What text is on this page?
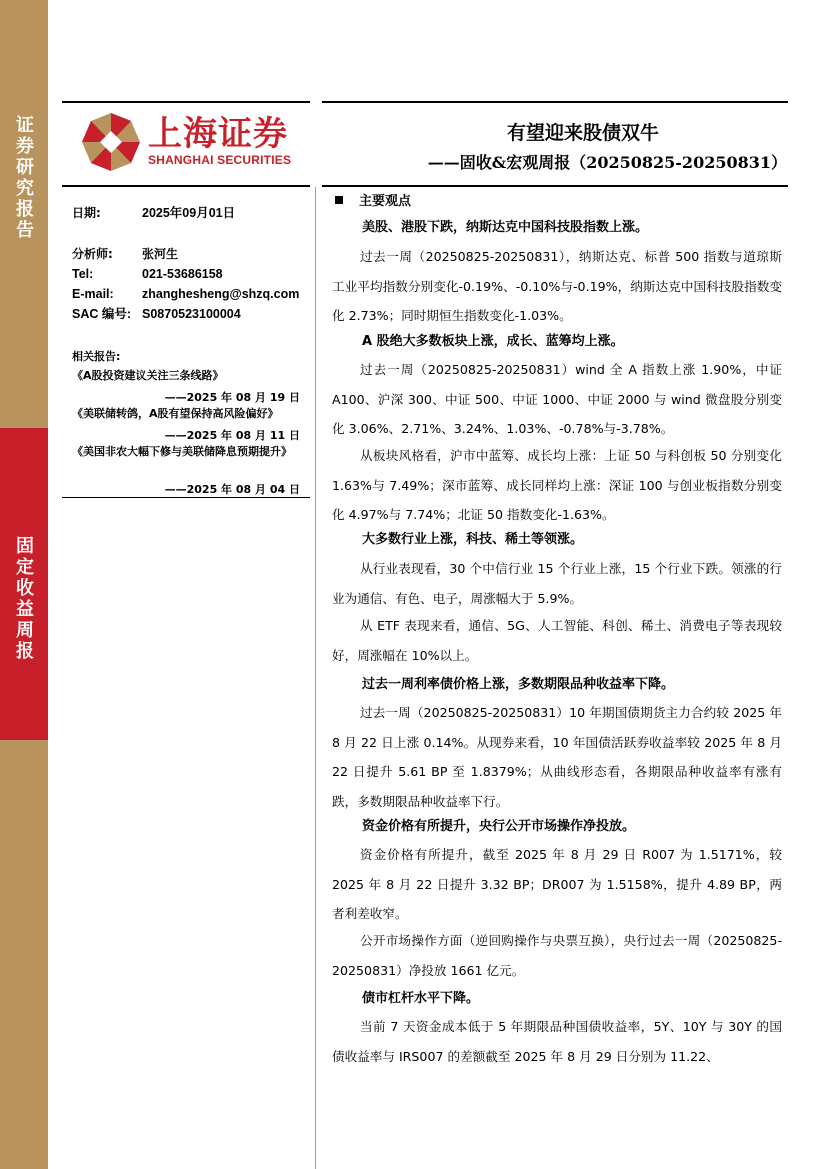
证券研究报告
固定收益周报
上海证券
SHANGHAI SECURITIES
有望迎来股债双牛
——固收&宏观周报（20250825-20250831）
日期:	2025年09月01日
分析师: 张河生
Tel:	021-53686158
E-mail: zhanghesheng@shzq.com
SAC 编号: S0870523100004
相关报告:
《A股投资建议关注三条线路》
——2025 年 08 月 19 日
《美联储转鸽，A股有望保持高风险偏好》
——2025 年 08 月 11 日
《美国非农大幅下修与美联储降息预期提升》
——2025 年 08 月 04 日
主要观点
美股、港股下跌，纳斯达克中国科技股指数上涨。
过去一周（20250825-20250831），纳斯达克、标普 500 指数与道琼斯工业平均指数分别变化-0.19%、-0.10%与-0.19%，纳斯达克中国科技股指数变化 2.73%；同时期恒生指数变化-1.03%。
A 股绝大多数板块上涨，成长、蓝筹均上涨。
过去一周（20250825-20250831）wind 全 A 指数上涨 1.90%，中证 A100、沪深 300、中证 500、中证 1000、中证 2000 与 wind 微盘股分别变化 3.06%、2.71%、3.24%、1.03%、-0.78%与-3.78%。
从板块风格看，沪市中蓝筹、成长均上涨：上证 50 与科创板 50 分别变化 1.63%与 7.49%；深市蓝筹、成长同样均上涨：深证 100 与创业板指数分别变化 4.97%与 7.74%；北证 50 指数变化-1.63%。
大多数行业上涨，科技、稀土等领涨。
从行业表现看，30 个中信行业 15 个行业上涨，15 个行业下跌。领涨的行业为通信、有色、电子，周涨幅大于 5.9%。
从 ETF 表现来看，通信、5G、人工智能、科创、稀土、消费电子等表现较好，周涨幅在 10%以上。
过去一周利率债价格上涨，多数期限品种收益率下降。
过去一周（20250825-20250831）10 年期国债期货主力合约较 2025 年 8 月 22 日上涨 0.14%。从现券来看，10 年国债活跃券收益率较 2025 年 8 月 22 日提升 5.61 BP 至 1.8379%；从曲线形态看，各期限品种收益率有涨有跌，多数期限品种收益率下行。
资金价格有所提升，央行公开市场操作净投放。
资金价格有所提升，截至 2025 年 8 月 29 日 R007 为 1.5171%，较 2025 年 8 月 22 日提升 3.32 BP；DR007 为 1.5158%，提升 4.89 BP，两者利差收窄。
公开市场操作方面（逆回购操作与央票互换），央行过去一周（20250825-20250831）净投放 1661 亿元。
债市杠杆水平下降。
当前 7 天资金成本低于 5 年期限品种国债收益率，5Y、10Y 与 30Y 的国债收益率与 IRS007 的差额截至 2025 年 8 月 29 日分别为 11.22、
